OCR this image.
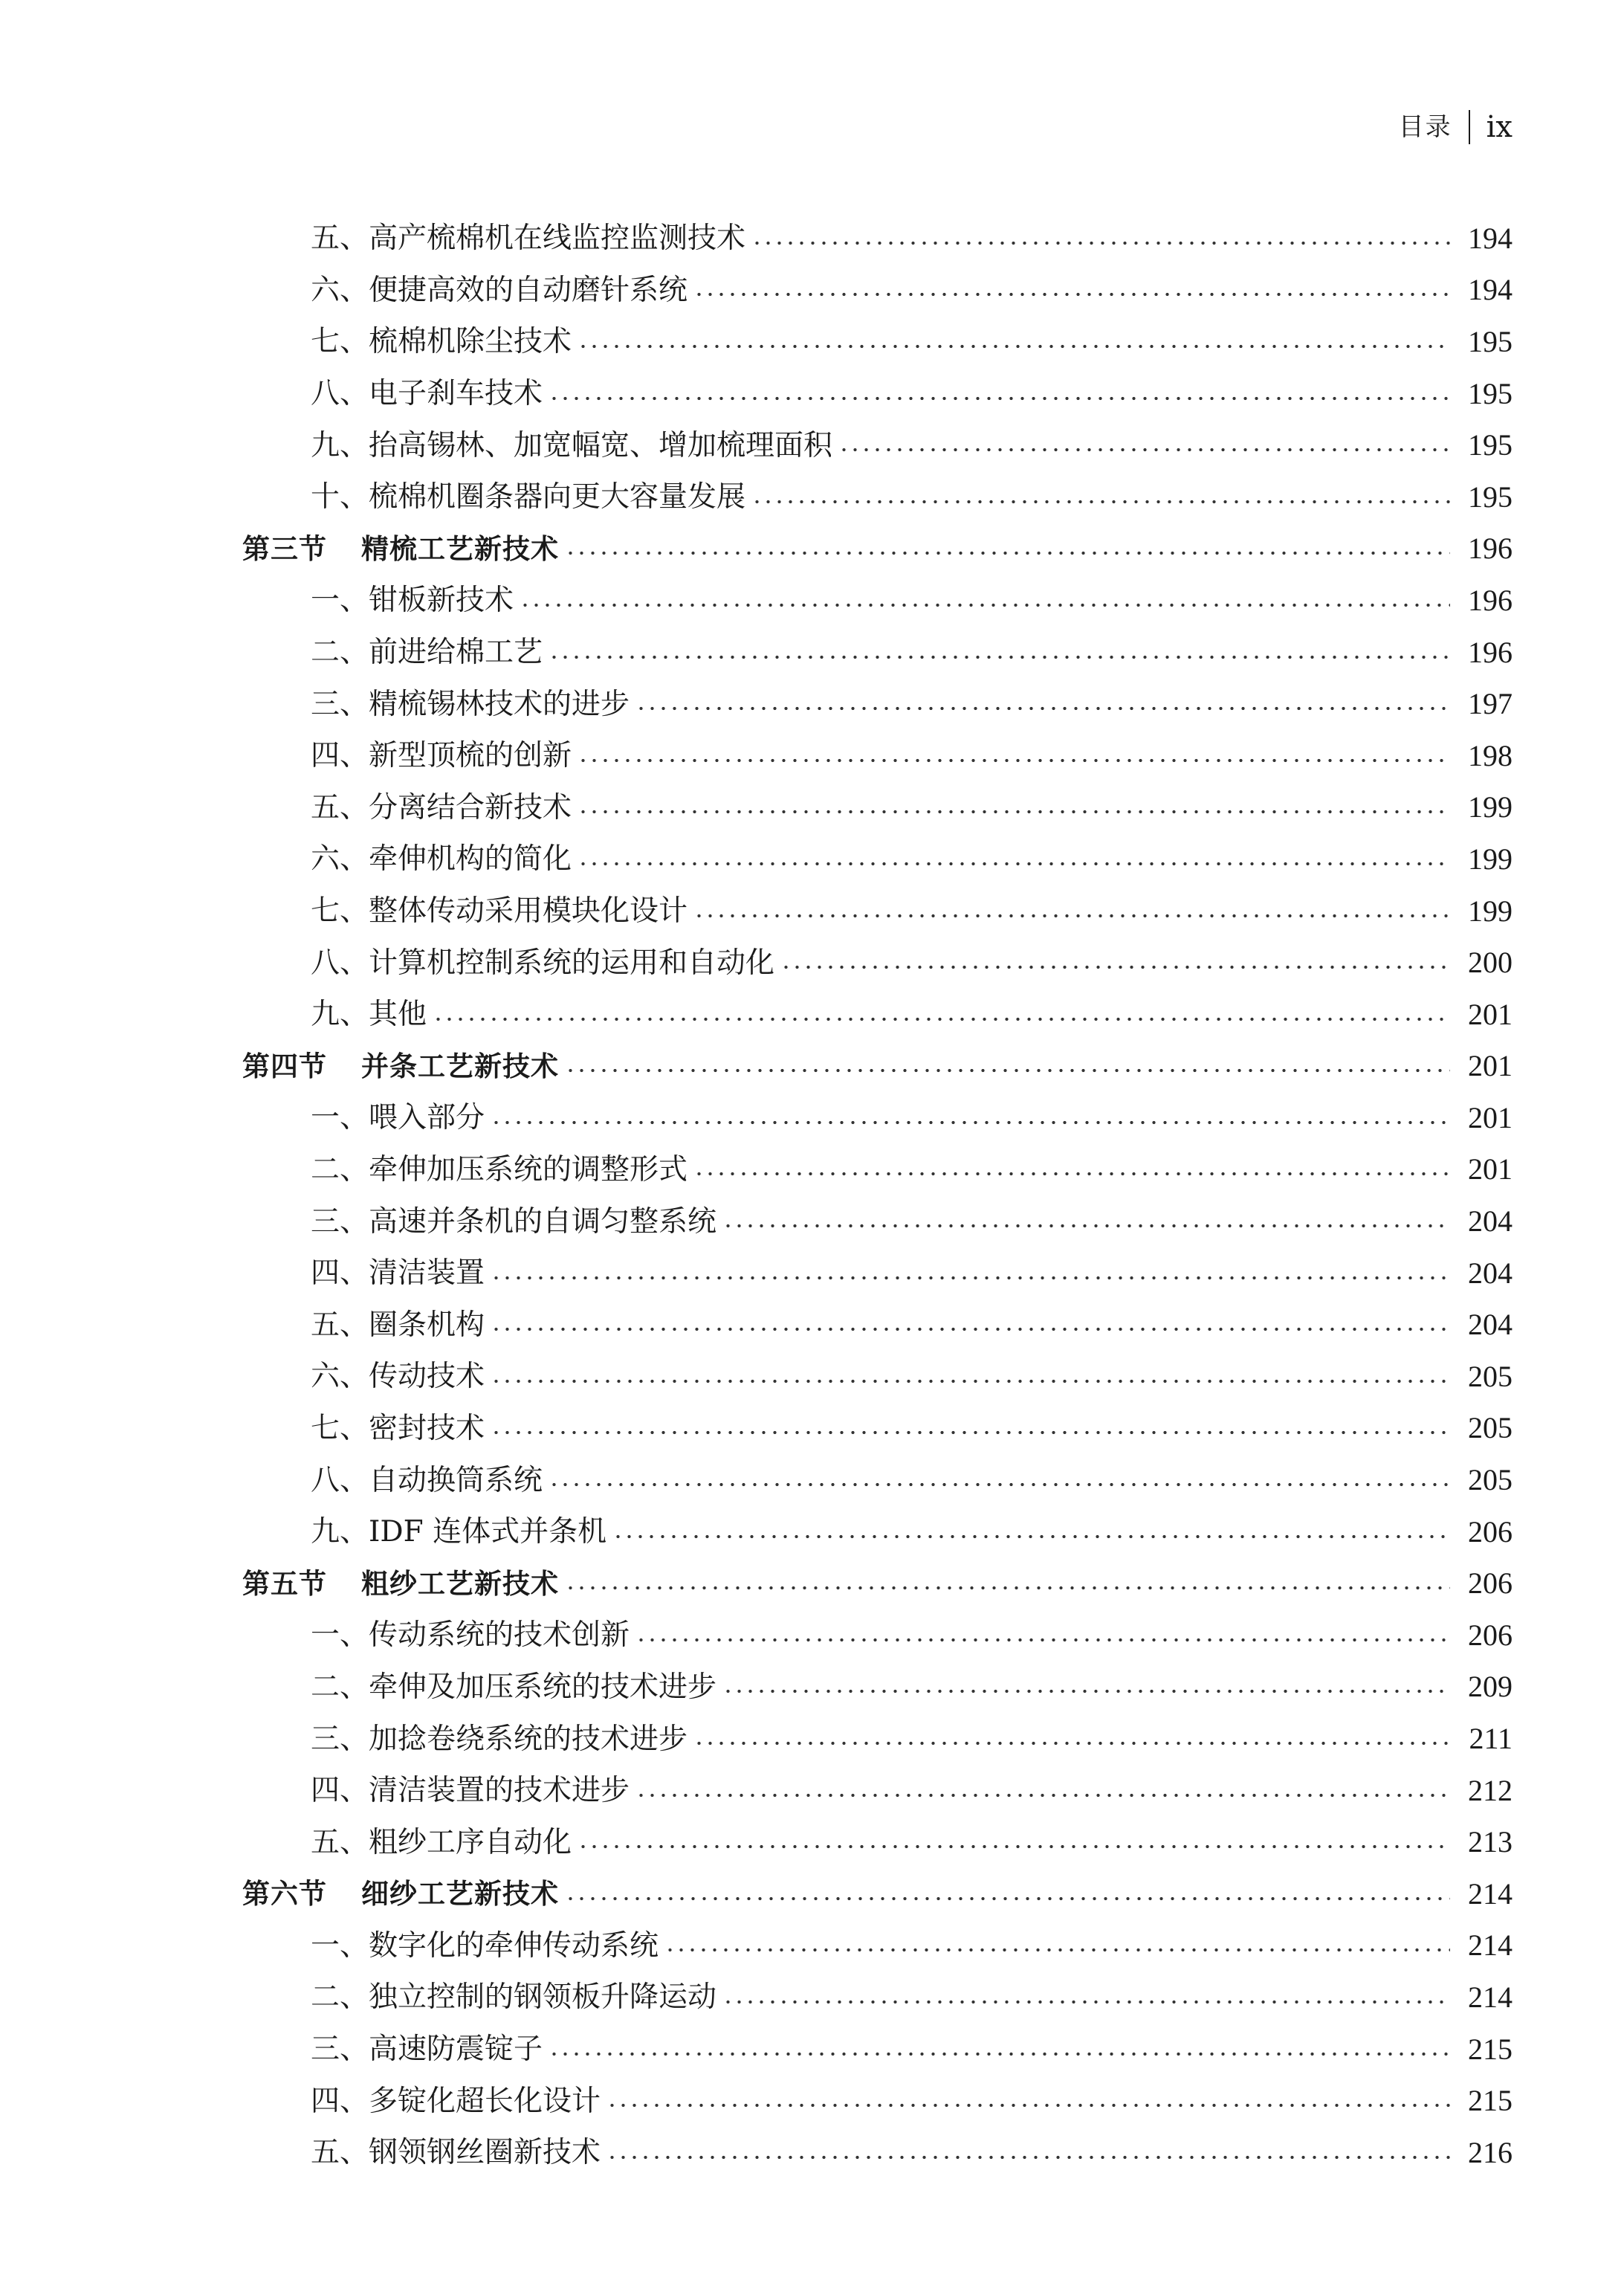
目录 ix
五、高产梳棉机在线监控监测技术	194
六、便捷高效的自动磨针系统	194
七、梳棉机除尘技术	195
八、电子刹车技术	195
九、抬高锡林、加宽幅宽、增加梳理面积	195
十、梳棉机圈条器向更大容量发展	195
第三节 精梳工艺新技术	196
一、钳板新技术	196
二、前进给棉工艺	196
三、精梳锡林技术的进步	197
四、新型顶梳的创新	198
五、分离结合新技术	199
六、牵伸机构的简化	199
七、整体传动采用模块化设计	199
八、计算机控制系统的运用和自动化	200
九、其他	201
第四节 并条工艺新技术	201
一、喂入部分	201
二、牵伸加压系统的调整形式	201
三、高速并条机的自调匀整系统	204
四、清洁装置	204
五、圈条机构	204
六、传动技术	205
七、密封技术	205
八、自动换筒系统	205
九、IDF 连体式并条机	206
第五节 粗纱工艺新技术	206
一、传动系统的技术创新	206
二、牵伸及加压系统的技术进步	209
三、加捻卷绕系统的技术进步	211
四、清洁装置的技术进步	212
五、粗纱工序自动化	213
第六节 细纱工艺新技术	214
一、数字化的牵伸传动系统	214
二、独立控制的钢领板升降运动	214
三、高速防震锭子	215
四、多锭化超长化设计	215
五、钢领钢丝圈新技术	216
